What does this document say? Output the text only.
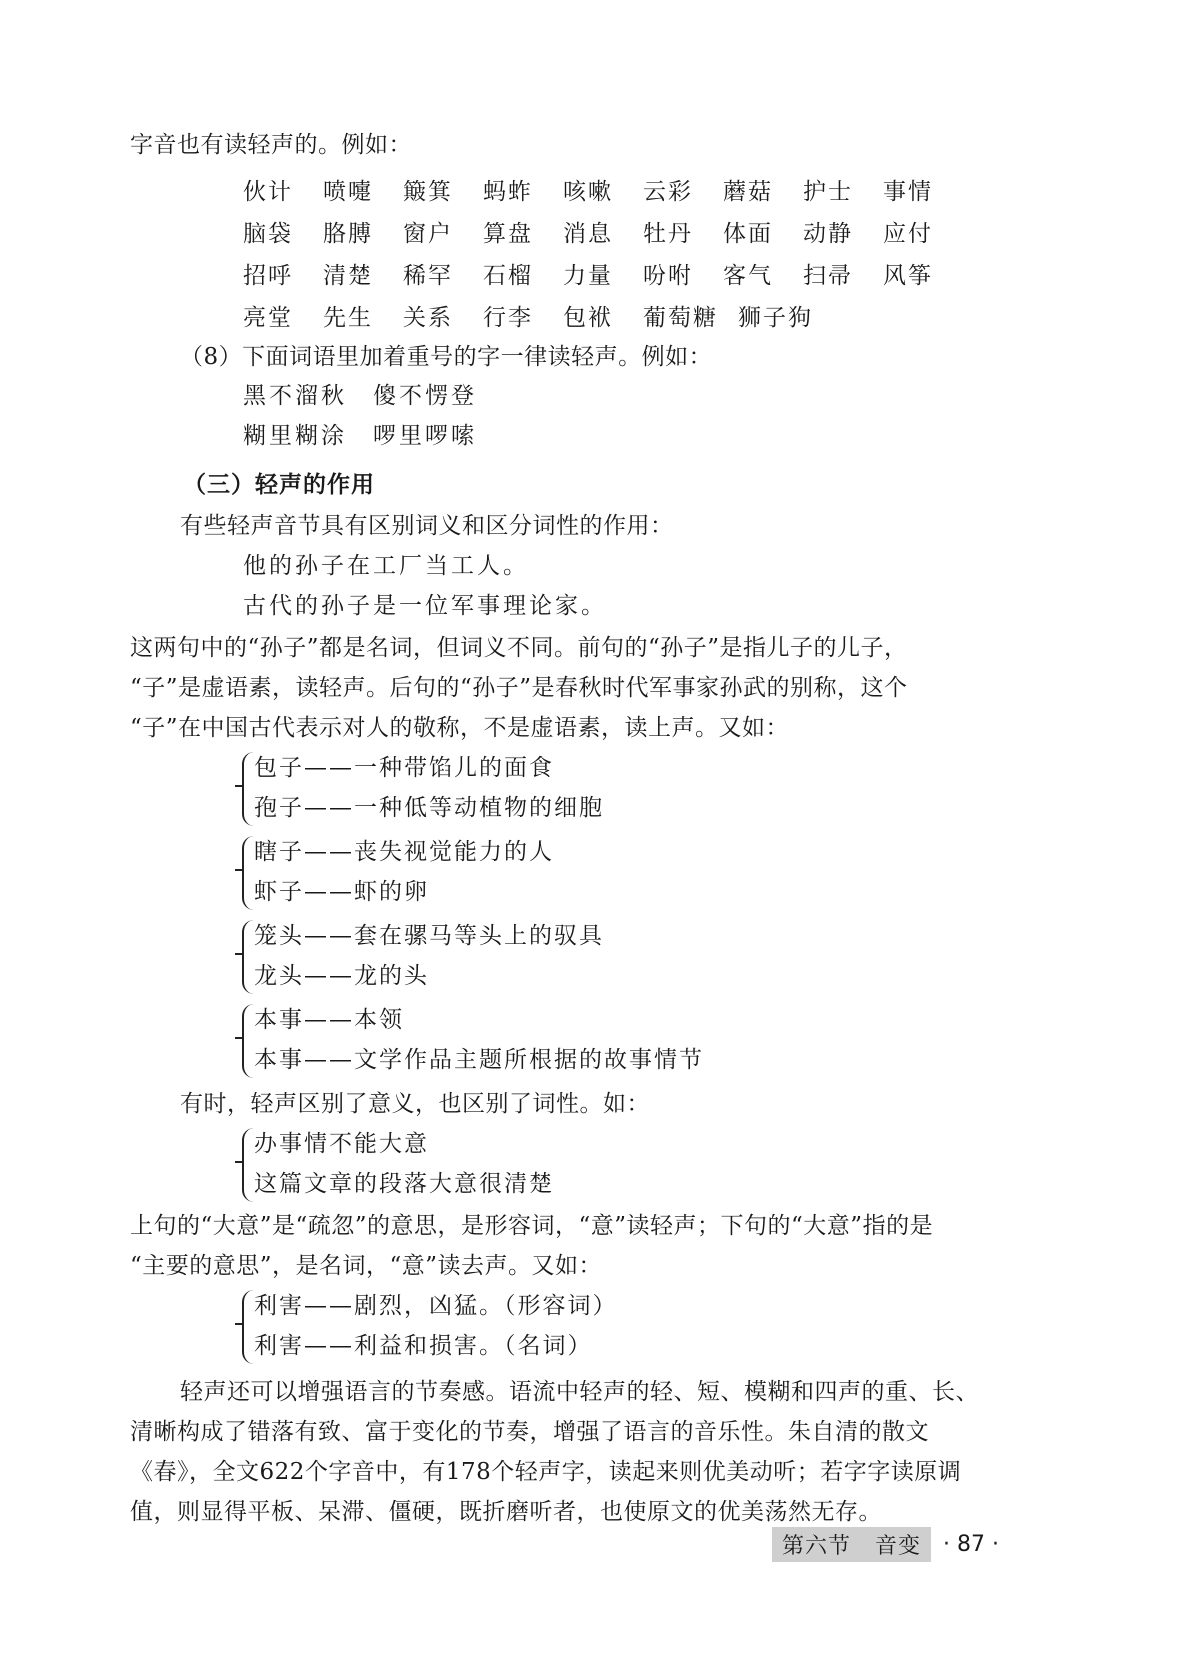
字音也有读轻声的。例如：
伙计	喷嚏	簸箕	蚂蚱	咳嗽	云彩	蘑菇	护士	事情
脑袋	胳膊	窗户	算盘	消息	牡丹	体面	动静	应付
招呼	清楚	稀罕	石榴	力量	吩咐	客气	扫帚	风筝
亮堂	先生	关系	行李	包袱	葡萄糖 狮子狗
（8）下面词语里加着重号的字一律读轻声。例如：
黑不溜秋 傻不愣登
糊里糊涂 啰里啰嗦
（三）轻声的作用
有些轻声音节具有区别词义和区分词性的作用：
他的孙子在工厂当工人。
古代的孙子是一位军事理论家。
这两句中的“孙子”都是名词，但词义不同。前句的“孙子”是指儿子的儿子，
“子”是虚语素，读轻声。后句的“孙子”是春秋时代军事家孙武的别称，这个
“子”在中国古代表示对人的敬称，不是虚语素，读上声。又如：
包子——一种带馅儿的面食
孢子——一种低等动植物的细胞
瞎子——丧失视觉能力的人
虾子——虾的卵
笼头——套在骡马等头上的驭具
龙头——龙的头
本事——本领
本事——文学作品主题所根据的故事情节
有时，轻声区别了意义，也区别了词性。如：
办事情不能大意
这篇文章的段落大意很清楚
上句的“大意”是“疏忽”的意思，是形容词，“意”读轻声；下句的“大意”指的是
“主要的意思”，是名词，“意”读去声。又如：
利害——剧烈，凶猛。（形容词）
利害——利益和损害。（名词）
轻声还可以增强语言的节奏感。语流中轻声的轻、短、模糊和四声的重、长、
清晰构成了错落有致、富于变化的节奏，增强了语言的音乐性。朱自清的散文
《春》，全文622个字音中，有178个轻声字，读起来则优美动听；若字字读原调
值，则显得平板、呆滞、僵硬，既折磨听者，也使原文的优美荡然无存。
第六节 音变	· 87 ·
